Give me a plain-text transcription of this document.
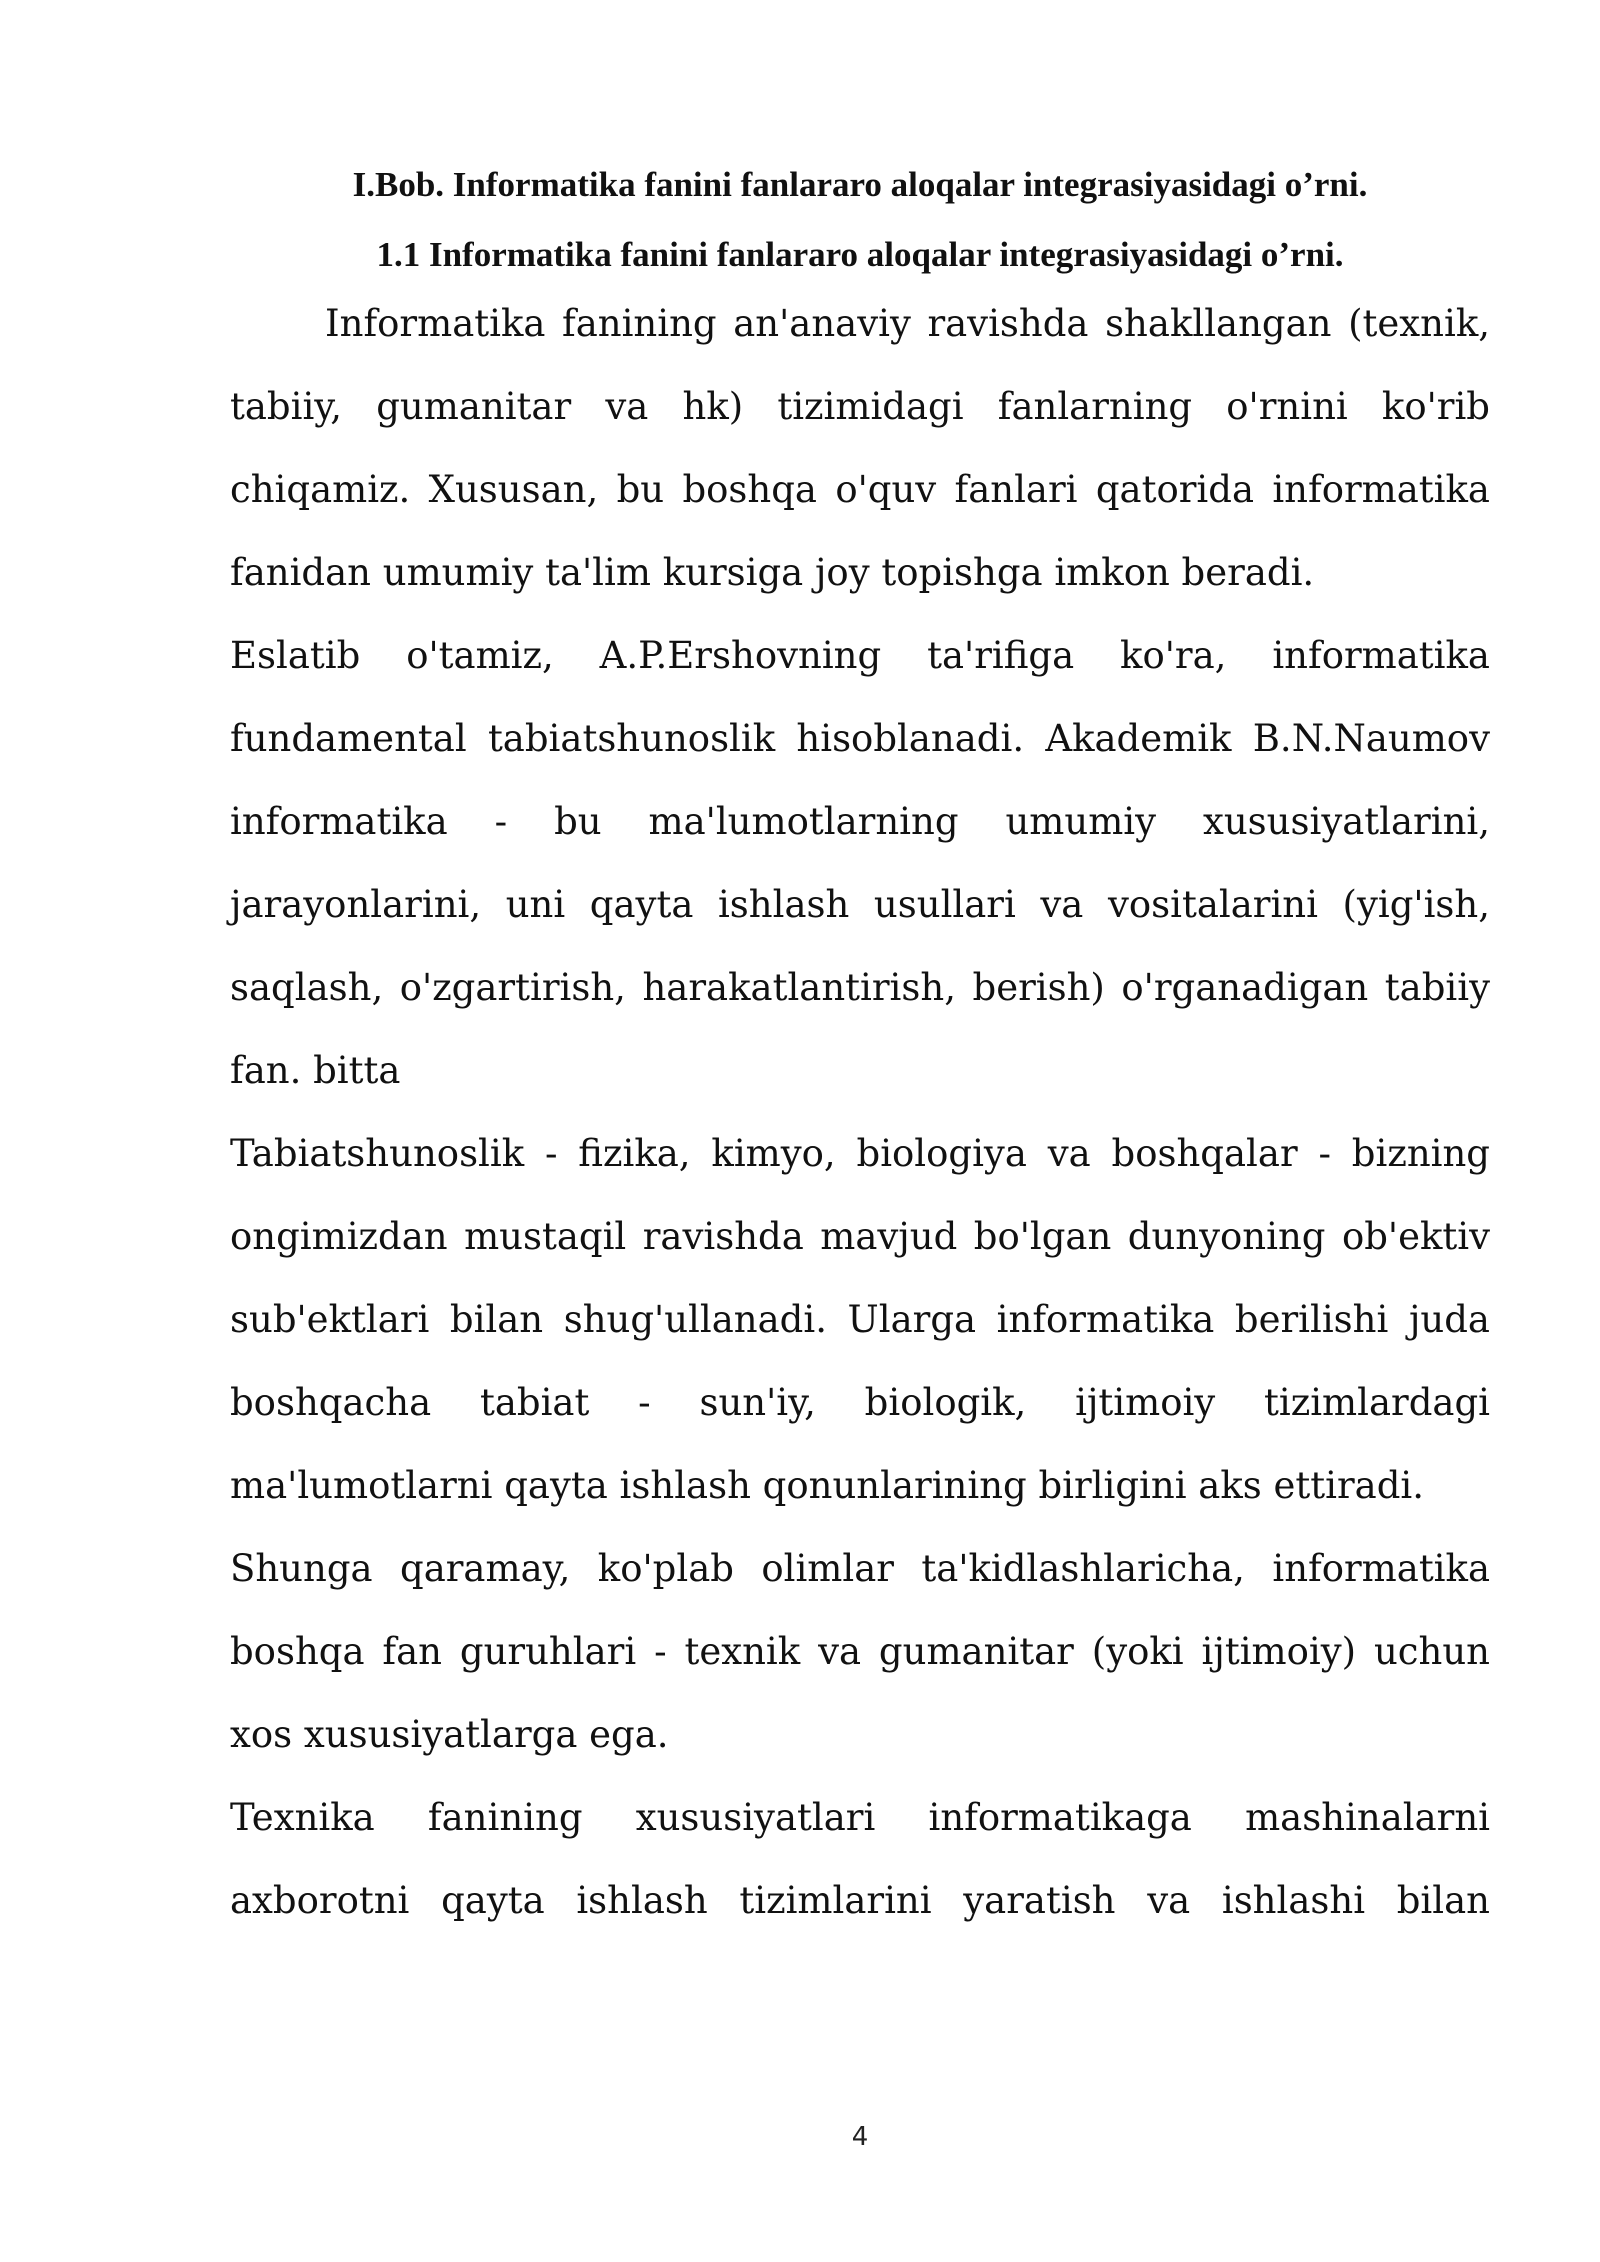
I.Bob. Informatika fanini fanlararo aloqalar integrasiyasidagi o’rni.
1.1 Informatika fanini fanlararo aloqalar integrasiyasidagi o’rni.

Informatika fanining an'anaviy ravishda shakllangan (texnik, tabiiy, gumanitar va hk) tizimidagi fanlarning o'rnini ko'rib chiqamiz. Xususan, bu boshqa o'quv fanlari qatorida informatika fanidan umumiy ta'lim kursiga joy topishga imkon beradi.

Eslatib o'tamiz, A.P.Ershovning ta'rifiga ko'ra, informatika fundamental tabiatshunoslik hisoblanadi. Akademik B.N.Naumov informatika - bu ma'lumotlarning umumiy xususiyatlarini, jarayonlarini, uni qayta ishlash usullari va vositalarini (yig'ish, saqlash, o'zgartirish, harakatlantirish, berish) o'rganadigan tabiiy fan. bitta

Tabiatshunoslik - fizika, kimyo, biologiya va boshqalar - bizning ongimizdan mustaqil ravishda mavjud bo'lgan dunyoning ob'ektiv sub'ektlari bilan shug'ullanadi. Ularga informatika berilishi juda boshqacha tabiat - sun'iy, biologik, ijtimoiy tizimlardagi ma'lumotlarni qayta ishlash qonunlarining birligini aks ettiradi.

Shunga qaramay, ko'plab olimlar ta'kidlashlaricha, informatika boshqa fan guruhlari - texnik va gumanitar (yoki ijtimoiy) uchun xos xususiyatlarga ega.

Texnika fanining xususiyatlari informatikaga mashinalarni axborotni qayta ishlash tizimlarini yaratish va ishlashi bilan

4
